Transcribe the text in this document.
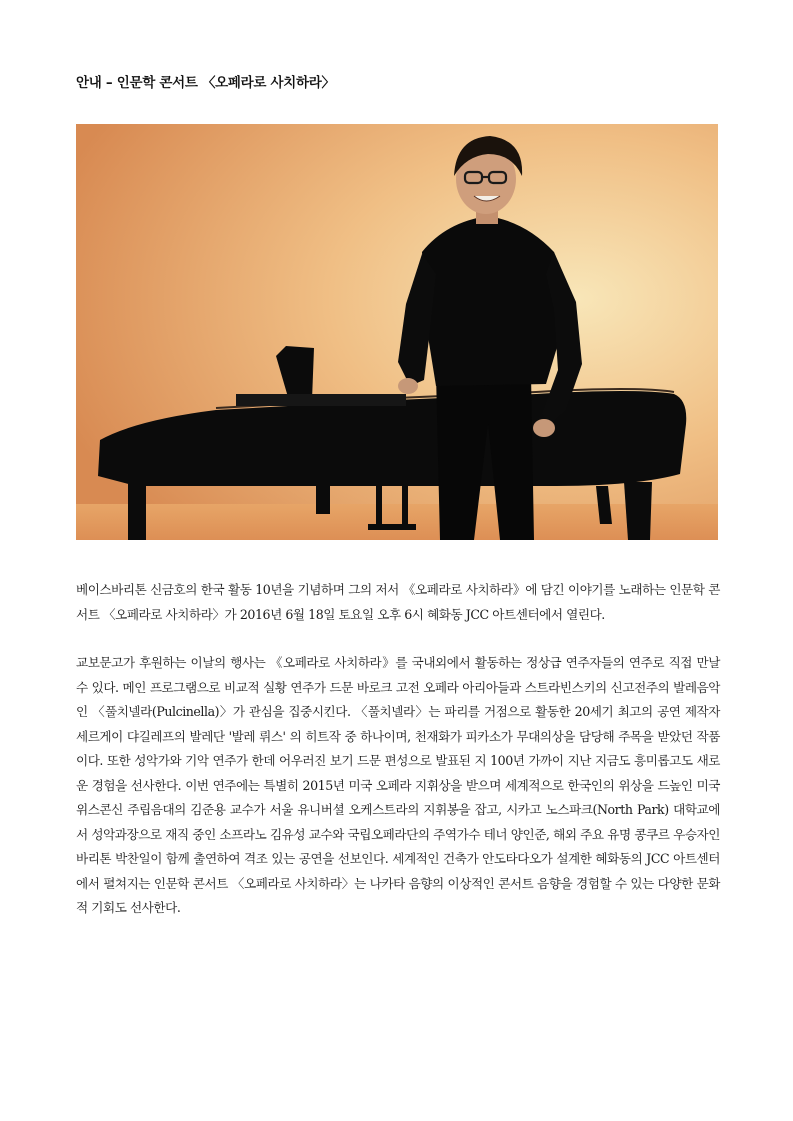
안내 – 인문학 콘서트 〈오페라로 사치하라〉

베이스바리톤 신금호의 한국 활동 10년을 기념하며 그의 저서 《오페라로 사치하라》에 담긴 이야기를 노래하는 인문학 콘서트 〈오페라로 사치하라〉가 2016년 6월 18일 토요일 오후 6시 혜화동 JCC 아트센터에서 열린다.

교보문고가 후원하는 이날의 행사는 《오페라로 사치하라》를 국내외에서 활동하는 정상급 연주자들의 연주로 직접 만날 수 있다. 메인 프로그램으로 비교적 실황 연주가 드문 바로크 고전 오페라 아리아들과 스트라빈스키의 신고전주의 발레음악인 〈풀치넬라(Pulcinella)〉가 관심을 집중시킨다. 〈풀치넬라〉는 파리를 거점으로 활동한 20세기 최고의 공연 제작자 세르게이 댜길레프의 발레단 '발레 뤼스' 의 히트작 중 하나이며, 천재화가 피카소가 무대의상을 담당해 주목을 받았던 작품이다. 또한 성악가와 기악 연주가 한데 어우러진 보기 드문 편성으로 발표된 지 100년 가까이 지난 지금도 흥미롭고도 새로운 경험을 선사한다. 이번 연주에는 특별히 2015년 미국 오페라 지휘상을 받으며 세계적으로 한국인의 위상을 드높인 미국 위스콘신 주립음대의 김준용 교수가 서울 유니버셜 오케스트라의 지휘봉을 잡고, 시카고 노스파크(North Park) 대학교에서 성악과장으로 재직 중인 소프라노 김유성 교수와 국립오페라단의 주역가수 테너 양인준, 해외 주요 유명 콩쿠르 우승자인 바리톤 박찬일이 함께 출연하여 격조 있는 공연을 선보인다. 세계적인 건축가 안도타다오가 설계한 혜화동의 JCC 아트센터에서 펼쳐지는 인문학 콘서트 〈오페라로 사치하라〉는 나카타 음향의 이상적인 콘서트 음향을 경험할 수 있는 다양한 문화적 기회도 선사한다.
